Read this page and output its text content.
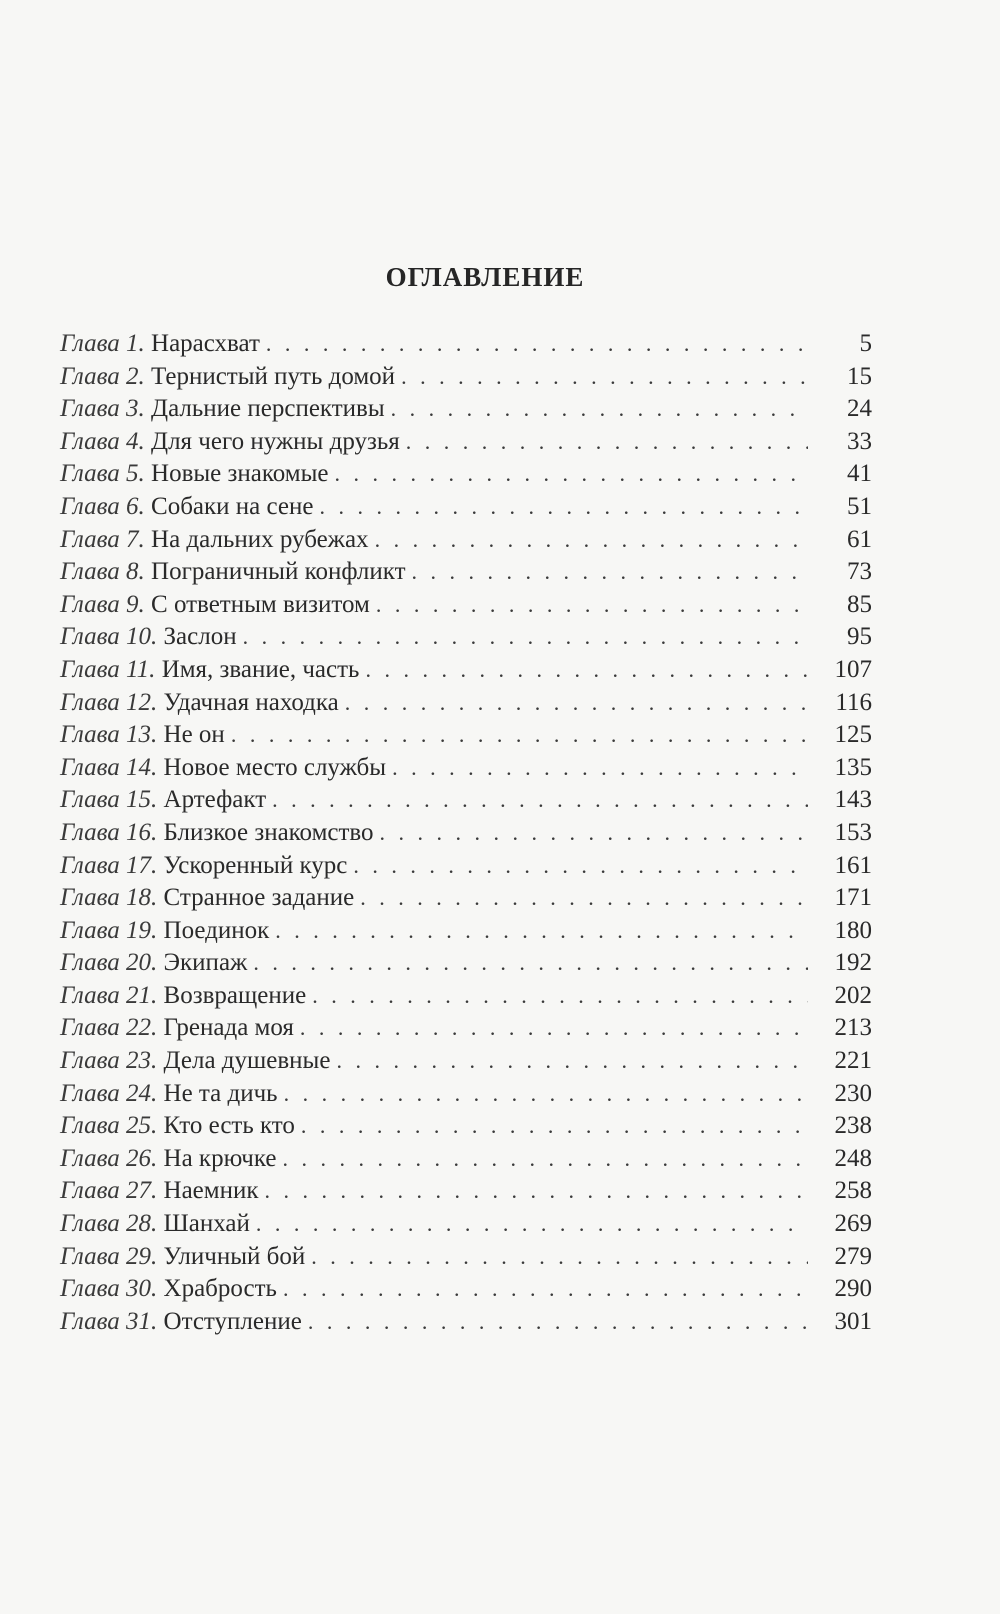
ОГЛАВЛЕНИЕ
Глава 1. Нарасхват . . .	5
Глава 2. Тернистый путь домой . . .	15
Глава 3. Дальние перспективы . . .	24
Глава 4. Для чего нужны друзья . . .	33
Глава 5. Новые знакомые . . .	41
Глава 6. Собаки на сене . . .	51
Глава 7. На дальних рубежах . . .	61
Глава 8. Пограничный конфликт . . .	73
Глава 9. С ответным визитом . . .	85
Глава 10. Заслон . . .	95
Глава 11. Имя, звание, часть . . .	107
Глава 12. Удачная находка . . .	116
Глава 13. Не он . . .	125
Глава 14. Новое место службы . . .	135
Глава 15. Артефакт . . .	143
Глава 16. Близкое знакомство . . .	153
Глава 17. Ускоренный курс . . .	161
Глава 18. Странное задание . . .	171
Глава 19. Поединок . . .	180
Глава 20. Экипаж . . .	192
Глава 21. Возвращение . . .	202
Глава 22. Гренада моя . . .	213
Глава 23. Дела душевные . . .	221
Глава 24. Не та дичь . . .	230
Глава 25. Кто есть кто . . .	238
Глава 26. На крючке . . .	248
Глава 27. Наемник . . .	258
Глава 28. Шанхай . . .	269
Глава 29. Уличный бой . . .	279
Глава 30. Храбрость . . .	290
Глава 31. Отступление . . .	301
